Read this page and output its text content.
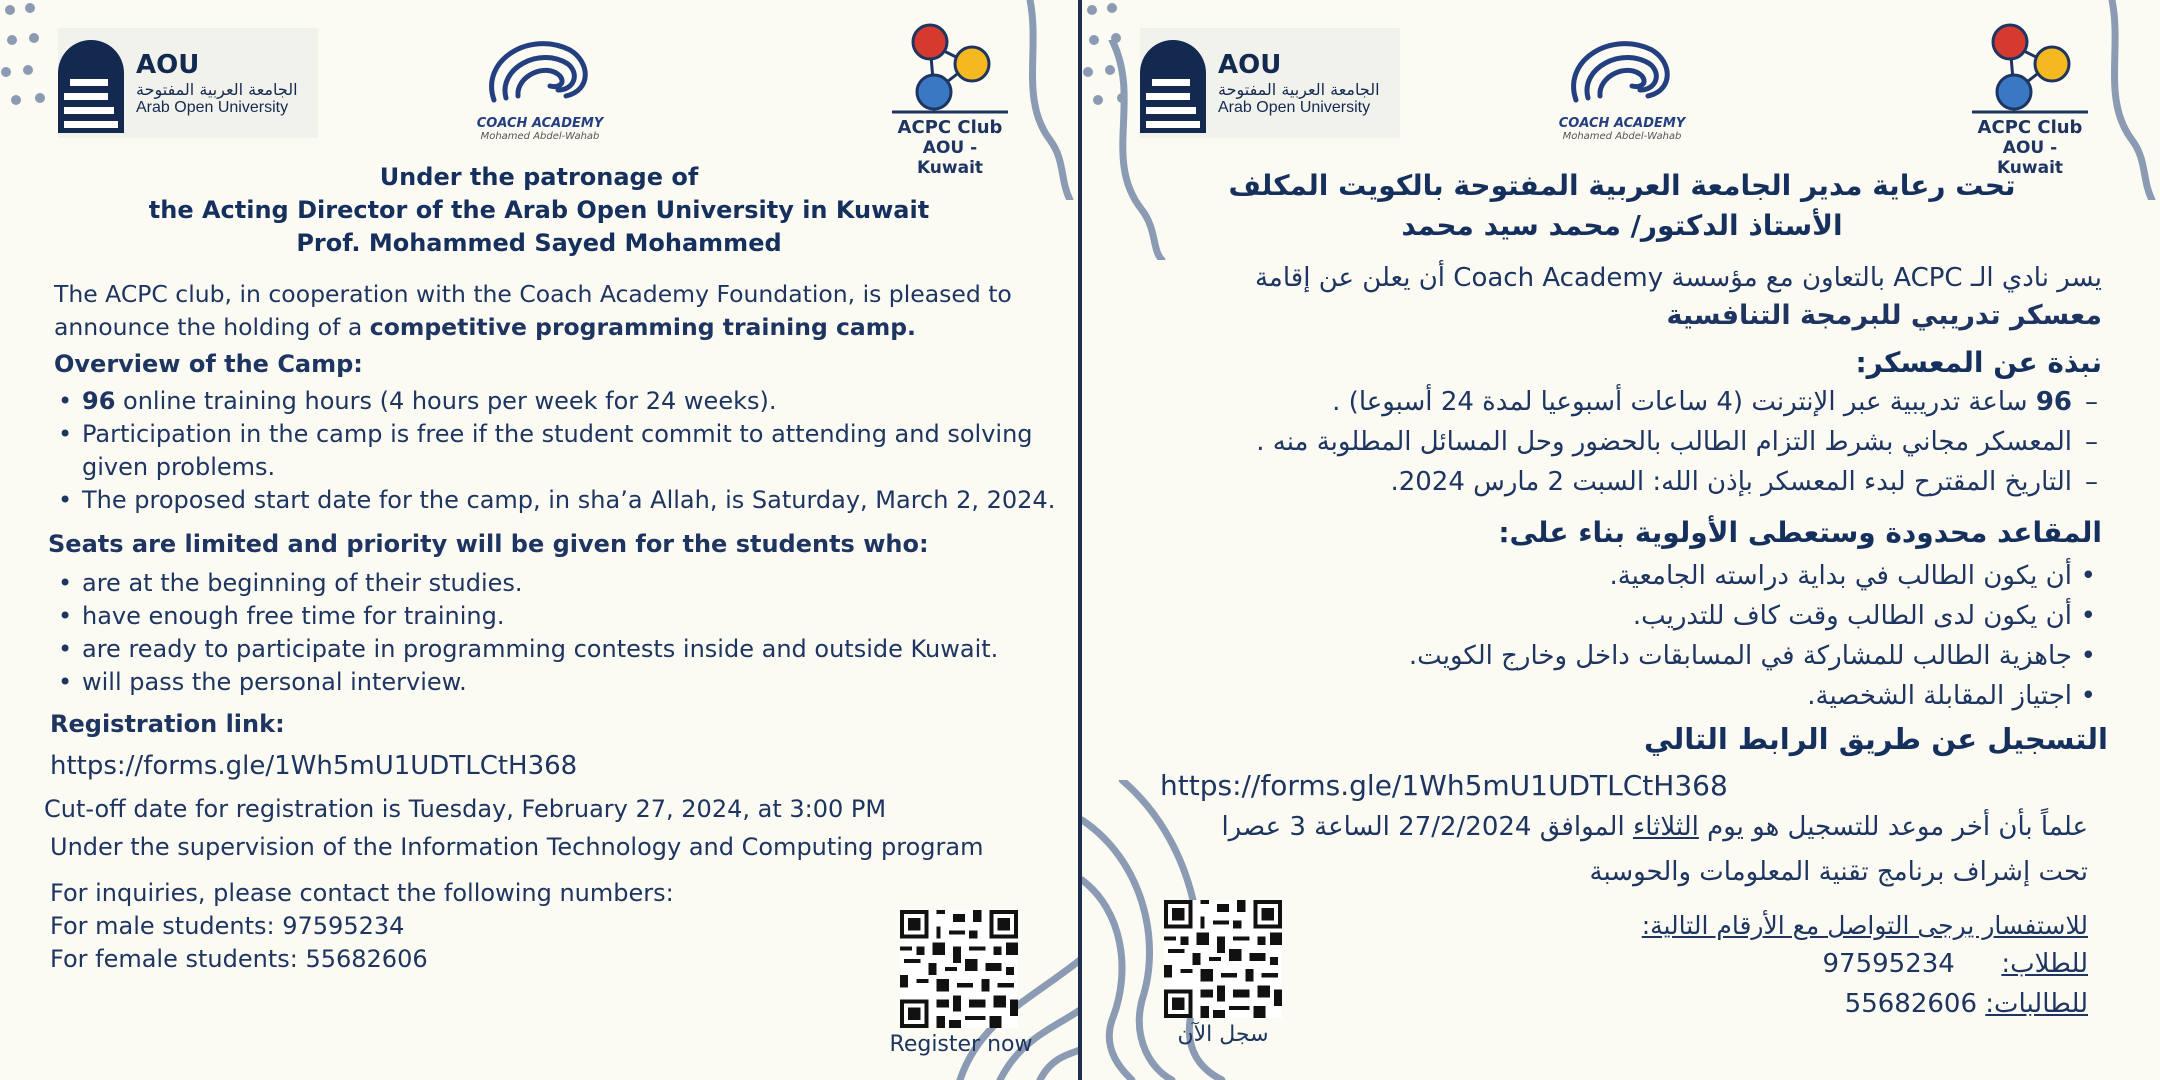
AOU
الجامعة العربية المفتوحة
Arab Open University
COACH ACADEMY
Mohamed Abdel-Wahab	ACPC Club
AOU - Kuwait
Under the patronage of
the Acting Director of the Arab Open University in Kuwait
Prof. Mohammed Sayed Mohammed
The ACPC club, in cooperation with the Coach Academy Foundation, is pleased to announce the holding of a competitive programming training camp.
Overview of the Camp:
• 96 online training hours (4 hours per week for 24 weeks).
• Participation in the camp is free if the student commit to attending and solving given problems.
• The proposed start date for the camp, in sha’a Allah, is Saturday, March 2, 2024.
Seats are limited and priority will be given for the students who:
• are at the beginning of their studies.
• have enough free time for training.
• are ready to participate in programming contests inside and outside Kuwait.
• will pass the personal interview.
Registration link:
https://forms.gle/1Wh5mU1UDTLCtH368
Cut-off date for registration is Tuesday, February 27, 2024, at 3:00 PM
Under the supervision of the Information Technology and Computing program
For inquiries, please contact the following numbers:
For male students: 97595234
For female students: 55682606
Register now
AOU
الجامعة العربية المفتوحة
Arab Open University
COACH ACADEMY
Mohamed Abdel-Wahab	ACPC Club
AOU - Kuwait
تحت رعاية مدير الجامعة العربية المفتوحة بالكويت المكلف
الأستاذ الدكتور/ محمد سيد محمد
يسر نادي الـ ACPC بالتعاون مع مؤسسة Coach Academy أن يعلن عن إقامة
معسكر تدريبي للبرمجة التنافسية
نبذة عن المعسكر:
– 96 ساعة تدريبية عبر الإنترنت (4 ساعات أسبوعيا لمدة 24 أسبوعا) .
– المعسكر مجاني بشرط التزام الطالب بالحضور وحل المسائل المطلوبة منه .
– التاريخ المقترح لبدء المعسكر بإذن الله: السبت 2 مارس 2024.
المقاعد محدودة وستعطى الأولوية بناء على:
• أن يكون الطالب في بداية دراسته الجامعية.
• أن يكون لدى الطالب وقت كاف للتدريب.
• جاهزية الطالب للمشاركة في المسابقات داخل وخارج الكويت.
• اجتياز المقابلة الشخصية.
التسجيل عن طريق الرابط التالي
https://forms.gle/1Wh5mU1UDTLCtH368
علماً بأن أخر موعد للتسجيل هو يوم الثلاثاء الموافق 27/2/2024 الساعة 3 عصرا
تحت إشراف برنامج تقنية المعلومات والحوسبة
للاستفسار يرجى التواصل مع الأرقام التالية:
للطلاب:  97595234
للطالبات: 55682606
سجل الآن
